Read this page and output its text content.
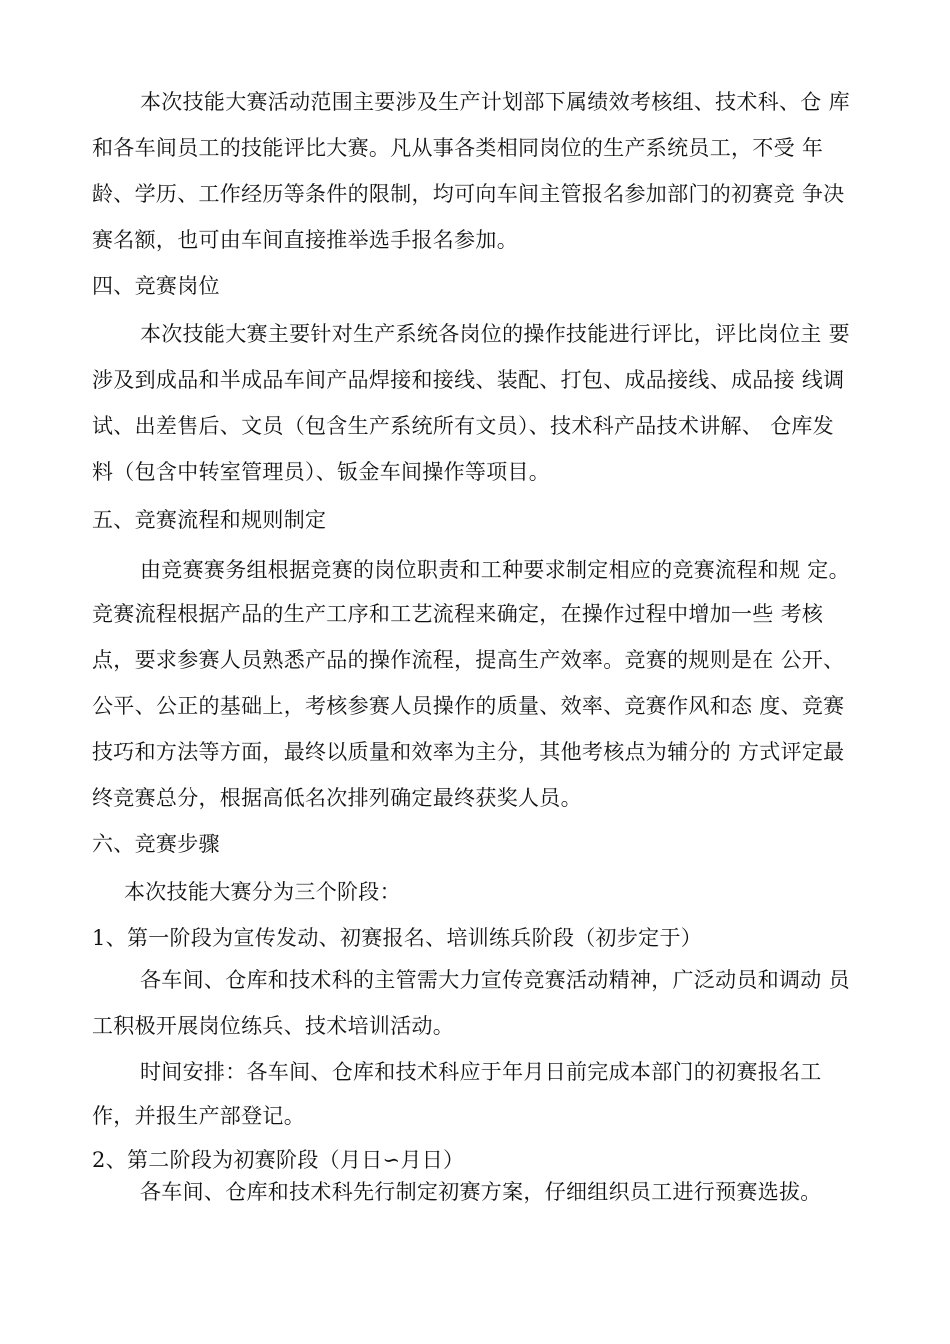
本次技能大赛活动范围主要涉及生产计划部下属绩效考核组、技术科、仓 库
和各车间员工的技能评比大赛。凡从事各类相同岗位的生产系统员工，不受 年
龄、学历、工作经历等条件的限制，均可向车间主管报名参加部门的初赛竞 争决
赛名额，也可由车间直接推举选手报名参加。
四、竞赛岗位
本次技能大赛主要针对生产系统各岗位的操作技能进行评比，评比岗位主 要
涉及到成品和半成品车间产品焊接和接线、装配、打包、成品接线、成品接 线调
试、出差售后、文员（包含生产系统所有文员）、技术科产品技术讲解、 仓库发
料（包含中转室管理员）、钣金车间操作等项目。
五、竞赛流程和规则制定
由竞赛赛务组根据竞赛的岗位职责和工种要求制定相应的竞赛流程和规 定。
竞赛流程根据产品的生产工序和工艺流程来确定，在操作过程中增加一些 考核
点，要求参赛人员熟悉产品的操作流程，提高生产效率。竞赛的规则是在 公开、
公平、公正的基础上，考核参赛人员操作的质量、效率、竞赛作风和态 度、竞赛
技巧和方法等方面，最终以质量和效率为主分，其他考核点为辅分的 方式评定最
终竞赛总分，根据高低名次排列确定最终获奖人员。
六、竞赛步骤
本次技能大赛分为三个阶段：
1、第一阶段为宣传发动、初赛报名、培训练兵阶段（初步定于）
各车间、仓库和技术科的主管需大力宣传竞赛活动精神，广泛动员和调动 员
工积极开展岗位练兵、技术培训活动。
时间安排：各车间、仓库和技术科应于年月日前完成本部门的初赛报名工
作，并报生产部登记。
2、第二阶段为初赛阶段（月日∽月日）
各车间、仓库和技术科先行制定初赛方案，仔细组织员工进行预赛选拔。
